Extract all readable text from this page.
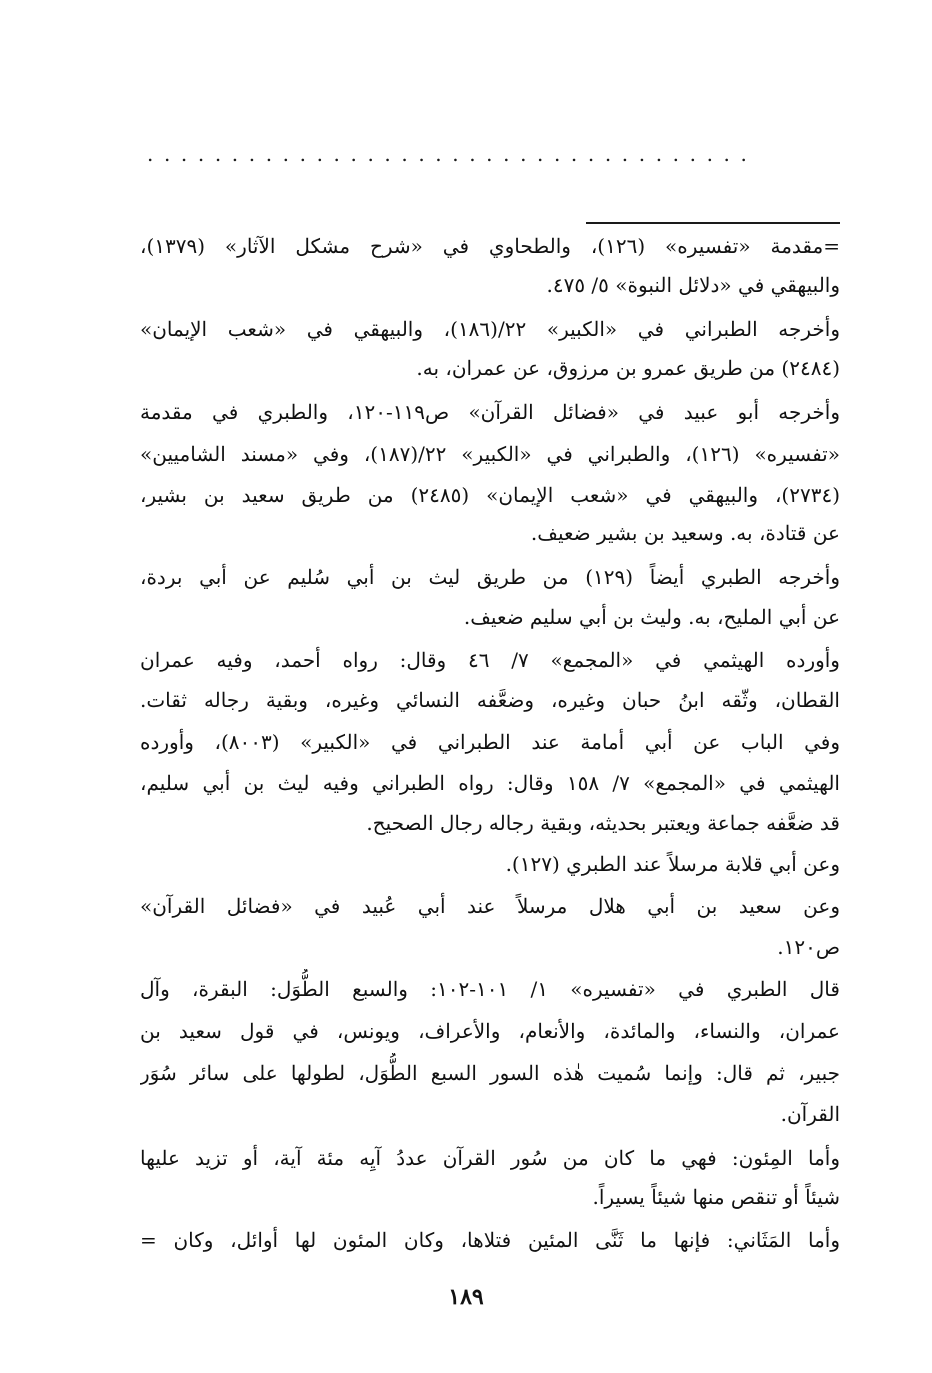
....................................
=مقدمة «تفسيره» (١٢٦)، والطحاوي في «شرح مشكل الآثار» (١٣٧٩)،
والبيهقي في «دلائل النبوة» ٥/ ٤٧٥.
وأخرجه الطبراني في «الكبير» ٢٢/(١٨٦)، والبيهقي في «شعب الإيمان»
(٢٤٨٤) من طريق عمرو بن مرزوق، عن عمران، به.
وأخرجه أبو عبيد في «فضائل القرآن» ص١١٩-١٢٠، والطبري في مقدمة
«تفسيره» (١٢٦)، والطبراني في «الكبير» ٢٢/(١٨٧)، وفي «مسند الشاميين»
(٢٧٣٤)، والبيهقي في «شعب الإيمان» (٢٤٨٥) من طريق سعيد بن بشير،
عن قتادة، به. وسعيد بن بشير ضعيف.
وأخرجه الطبري أيضاً (١٢٩) من طريق ليث بن أبي سُليم عن أبي بردة،
عن أبي المليح، به. وليث بن أبي سليم ضعيف.
وأورده الهيثمي في «المجمع» ٧/ ٤٦ وقال: رواه أحمد، وفيه عمران
القطان، وثّقه ابنُ حبان وغيره، وضعَّفه النسائي وغيره، وبقية رجاله ثقات.
وفي الباب عن أبي أمامة عند الطبراني في «الكبير» (٨٠٠٣)، وأورده
الهيثمي في «المجمع» ٧/ ١٥٨ وقال: رواه الطبراني وفيه ليث بن أبي سليم،
قد ضعَّفه جماعة ويعتبر بحديثه، وبقية رجاله رجال الصحيح.
وعن أبي قلابة مرسلاً عند الطبري (١٢٧).
وعن سعيد بن أبي هلال مرسلاً عند أبي عُبيد في «فضائل القرآن»
ص١٢٠.
قال الطبري في «تفسيره» ١/ ١٠١-١٠٢: والسبع الطُّوَل: البقرة، وآل
عمران، والنساء، والمائدة، والأنعام، والأعراف، ويونس، في قول سعيد بن
جبير، ثم قال: وإنما سُميت هٰذه السور السبع الطُّوَل، لطولها على سائر سُوَر
القرآن.
وأما المِئون: فهي ما كان من سُور القرآن عددُ آيِه مئة آية، أو تزيد عليها
شيئاً أو تنقص منها شيئاً يسيراً.
وأما المَثَاني: فإنها ما ثَنَّى المئين فتلاها، وكان المئون لها أوائل، وكان =
١٨٩
